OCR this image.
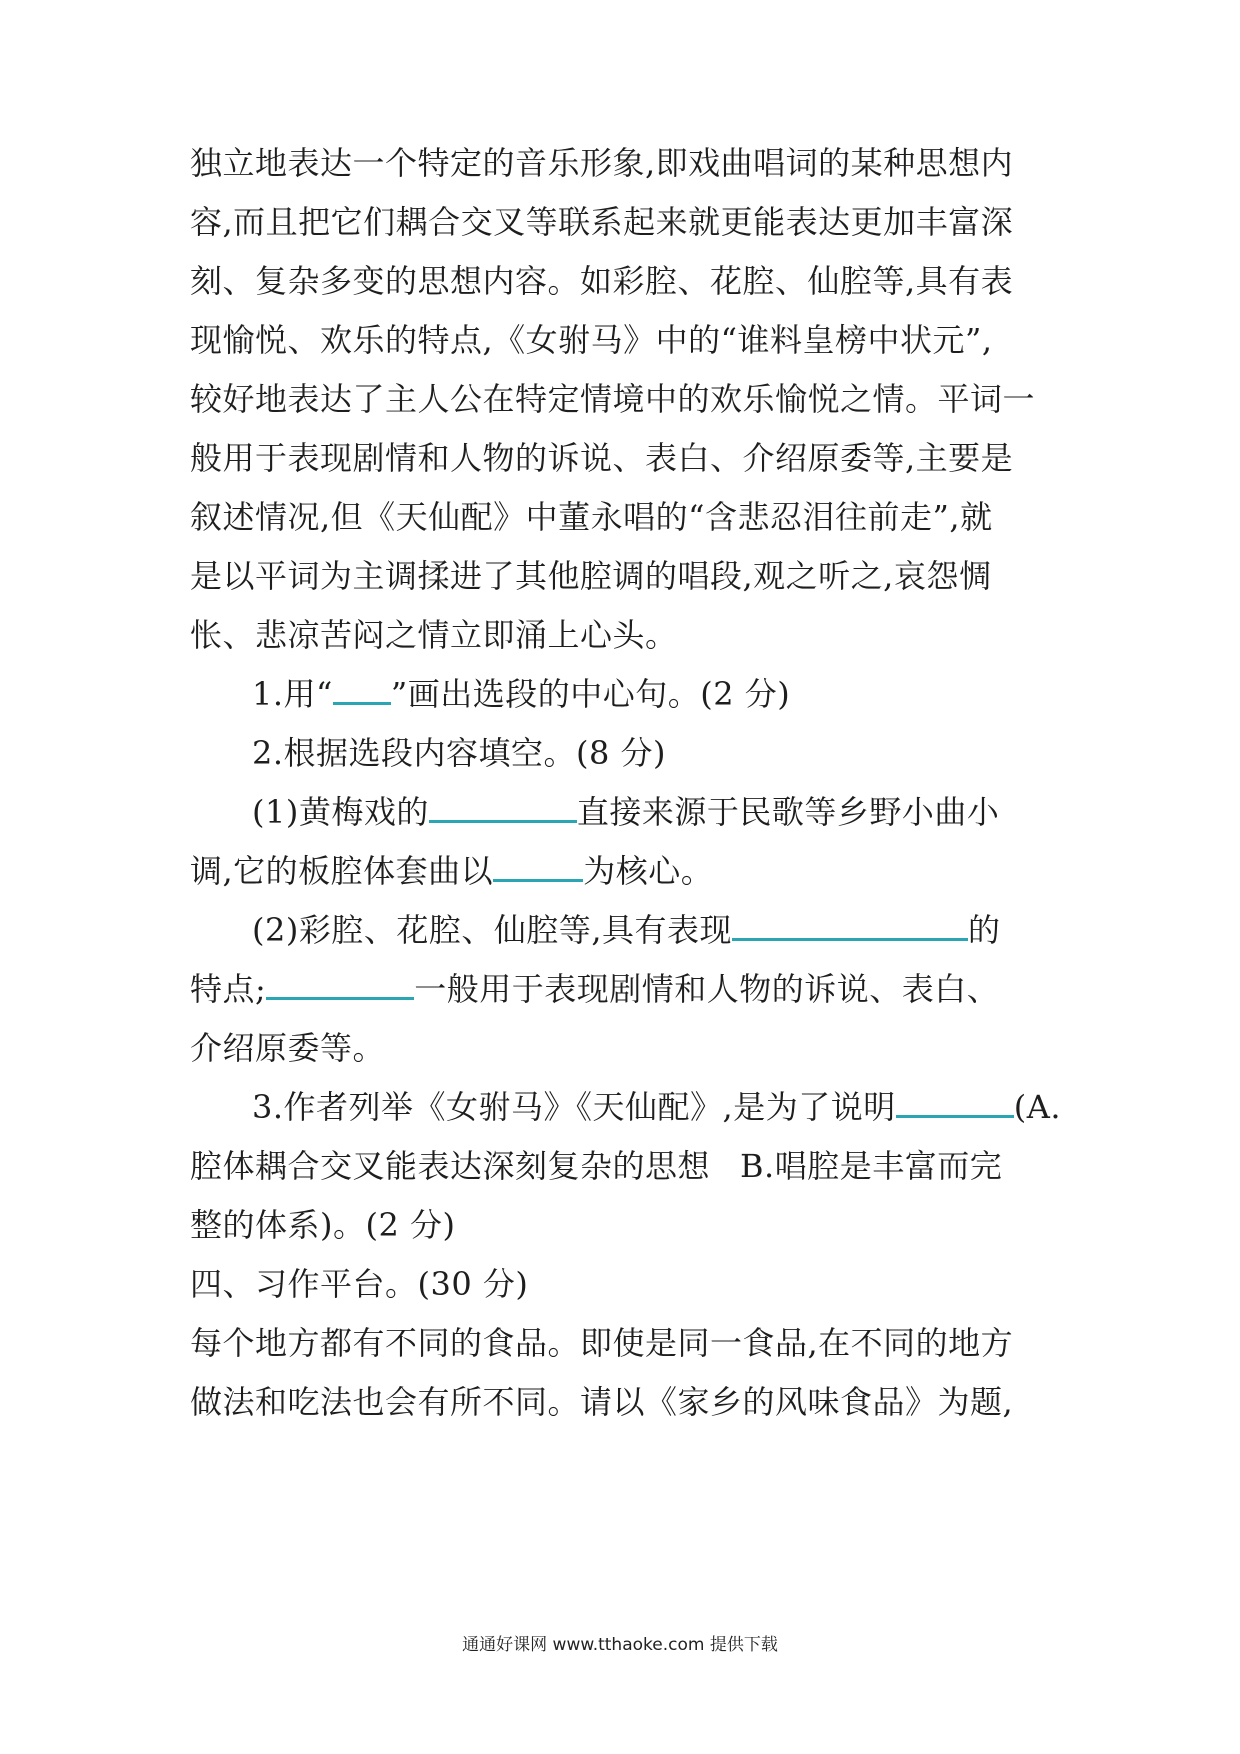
独立地表达一个特定的音乐形象,即戏曲唱词的某种思想内
容,而且把它们耦合交叉等联系起来就更能表达更加丰富深
刻、复杂多变的思想内容。如彩腔、花腔、仙腔等,具有表
现愉悦、欢乐的特点,《女驸马》中的“谁料皇榜中状元”,
较好地表达了主人公在特定情境中的欢乐愉悦之情。平词一
般用于表现剧情和人物的诉说、表白、介绍原委等,主要是
叙述情况,但《天仙配》中董永唱的“含悲忍泪往前走”,就
是以平词为主调揉进了其他腔调的唱段,观之听之,哀怨惆
怅、悲凉苦闷之情立即涌上心头。
1.用“ ”画出选段的中心句。(2 分)
2.根据选段内容填空。(8 分)
(1)黄梅戏的	直接来源于民歌等乡野小曲小
调,它的板腔体套曲以	为核心。
(2)彩腔、花腔、仙腔等,具有表现	的
特点;	一般用于表现剧情和人物的诉说、表白、
介绍原委等。
3.作者列举《女驸马》《天仙配》,是为了说明	(A.
腔体耦合交叉能表达深刻复杂的思想 B.唱腔是丰富而完
整的体系)。(2 分)
四、习作平台。(30 分)
每个地方都有不同的食品。即使是同一食品,在不同的地方
做法和吃法也会有所不同。请以《家乡的风味食品》为题,
通通好课网 www.tthaoke.com 提供下载
